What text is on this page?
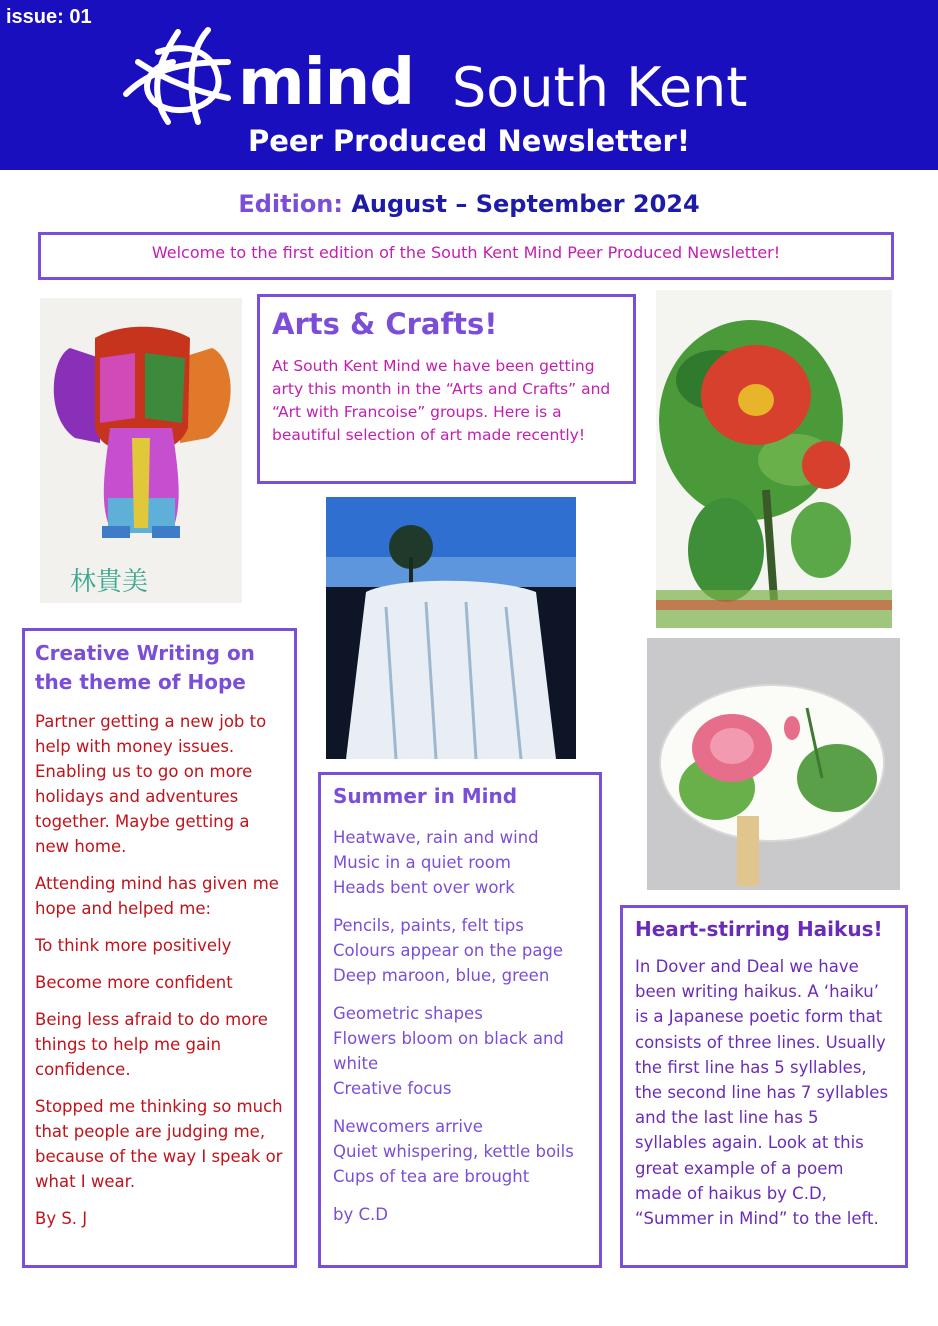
issue: 01
mind South Kent
Peer Produced Newsletter!
Edition: August – September 2024
Welcome to the first edition of the South Kent Mind Peer Produced Newsletter!
林貴美
Arts & Crafts!

At South Kent Mind we have been getting arty this month in the “Arts and Crafts” and “Art with Francoise” groups. Here is a beautiful selection of art made recently!

Creative Writing on the theme of Hope

Partner getting a new job to help with money issues. Enabling us to go on more holidays and adventures together. Maybe getting a new home.

Attending mind has given me hope and helped me:

To think more positively

Become more confident

Being less afraid to do more things to help me gain confidence.

Stopped me thinking so much that people are judging me, because of the way I speak or what I wear.

By S. J

Summer in Mind

Heatwave, rain and wind
Music in a quiet room
Heads bent over work

Pencils, paints, felt tips
Colours appear on the page
Deep maroon, blue, green

Geometric shapes
Flowers bloom on black and white
Creative focus

Newcomers arrive
Quiet whispering, kettle boils
Cups of tea are brought

by C.D

Heart-stirring Haikus!

In Dover and Deal we have been writing haikus. A ‘haiku’ is a Japanese poetic form that consists of three lines. Usually the first line has 5 syllables, the second line has 7 syllables and the last line has 5 syllables again. Look at this great example of a poem made of haikus by C.D, “Summer in Mind” to the left.
